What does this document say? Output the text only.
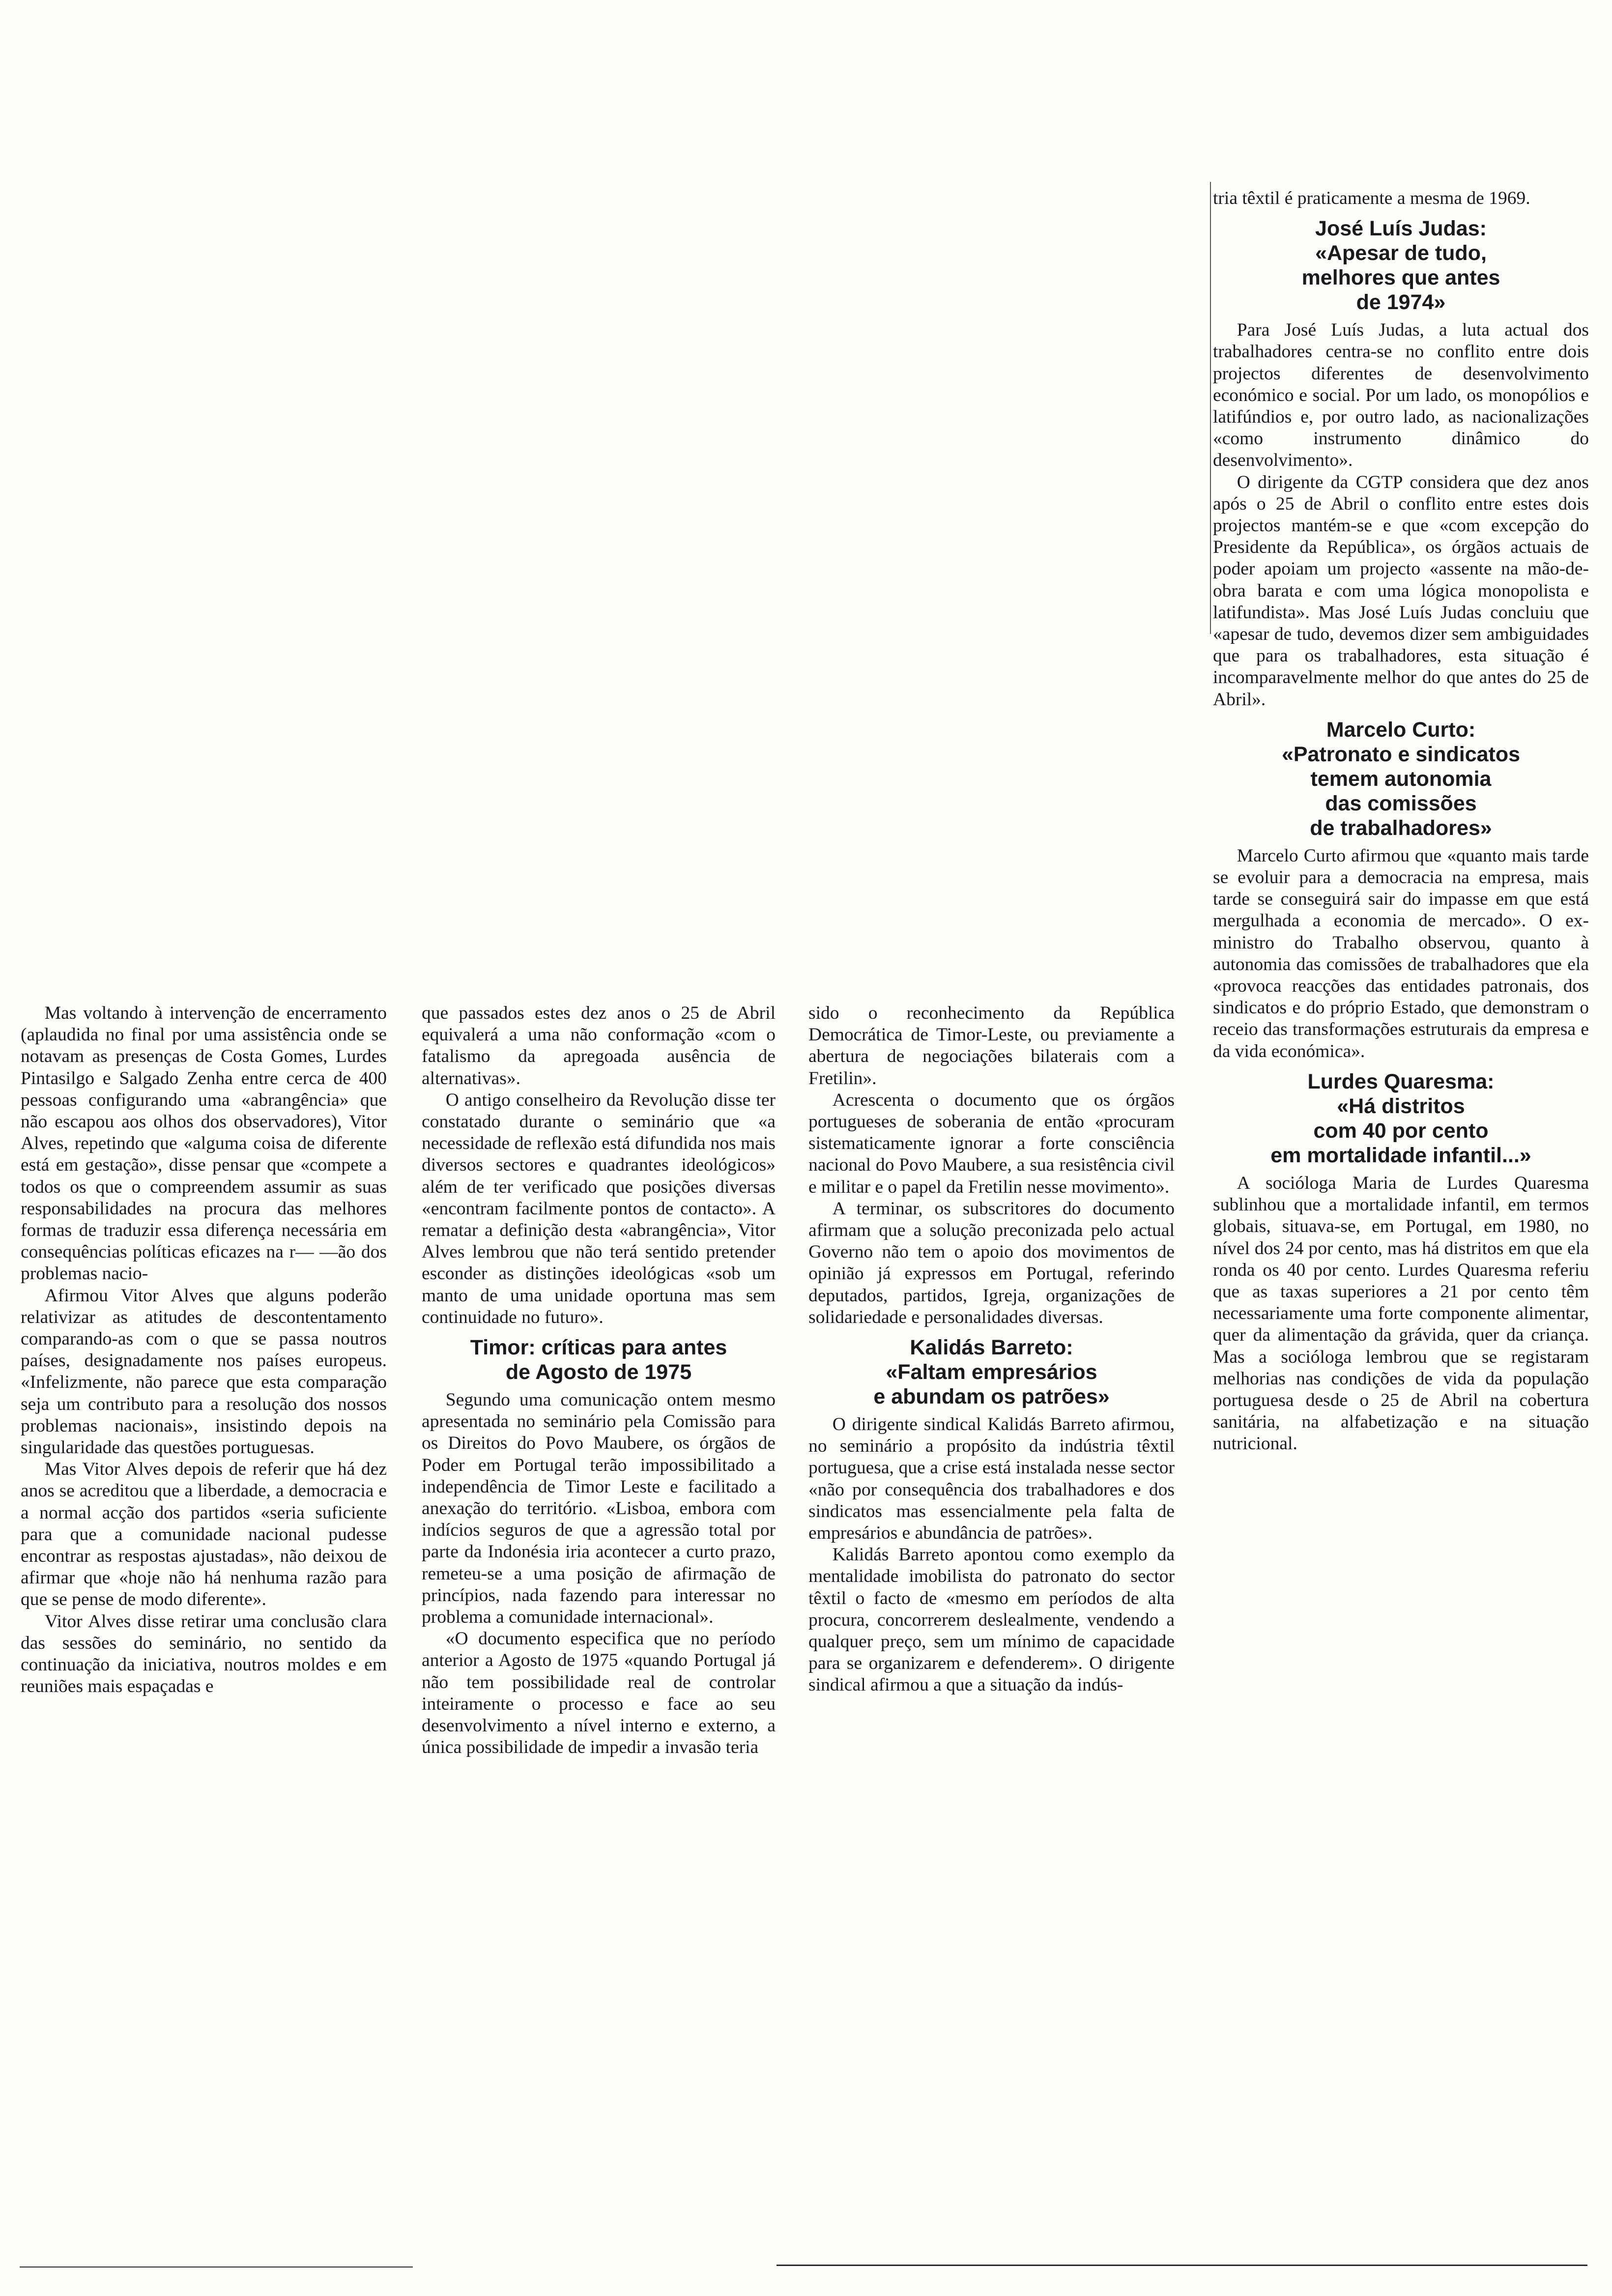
Mas voltando à intervenção de encerramento (aplaudida no final por uma assistência onde se notavam as presenças de Costa Gomes, Lurdes Pintasilgo e Salgado Zenha entre cerca de 400 pessoas configurando uma «abrangência» que não escapou aos olhos dos observadores), Vitor Alves, repetindo que «alguma coisa de diferente está em gestação», disse pensar que «compete a todos os que o compreendem assumir as suas responsabilidades na procura das melhores formas de traduzir essa diferença necessária em consequências políticas eficazes na r— —ão dos problemas nacio-

Afirmou Vitor Alves que alguns poderão relativizar as atitudes de descontentamento comparando-as com o que se passa noutros países, designadamente nos países europeus. «Infelizmente, não parece que esta comparação seja um contributo para a resolução dos nossos problemas nacionais», insistindo depois na singularidade das questões portuguesas.

Mas Vitor Alves depois de referir que há dez anos se acreditou que a liberdade, a democracia e a normal acção dos partidos «seria suficiente para que a comunidade nacional pudesse encontrar as respostas ajustadas», não deixou de afirmar que «hoje não há nenhuma razão para que se pense de modo diferente».

Vitor Alves disse retirar uma conclusão clara das sessões do seminário, no sentido da continuação da iniciativa, noutros moldes e em reuniões mais espaçadas e

que passados estes dez anos o 25 de Abril equivalerá a uma não conformação «com o fatalismo da apregoada ausência de alternativas».

O antigo conselheiro da Revolução disse ter constatado durante o seminário que «a necessidade de reflexão está difundida nos mais diversos sectores e quadrantes ideológicos» além de ter verificado que posições diversas «encontram facilmente pontos de contacto». A rematar a definição desta «abrangência», Vitor Alves lembrou que não terá sentido pretender esconder as distinções ideológicas «sob um manto de uma unidade oportuna mas sem continuidade no futuro».

Timor: críticas para antes
de Agosto de 1975

Segundo uma comunicação ontem mesmo apresentada no seminário pela Comissão para os Direitos do Povo Maubere, os órgãos de Poder em Portugal terão impossibilitado a independência de Timor Leste e facilitado a anexação do território. «Lisboa, embora com indícios seguros de que a agressão total por parte da Indonésia iria acontecer a curto prazo, remeteu-se a uma posição de afirmação de princípios, nada fazendo para interessar no problema a comunidade internacional».

«O documento especifica que no período anterior a Agosto de 1975 «quando Portugal já não tem possibilidade real de controlar inteiramente o processo e face ao seu desenvolvimento a nível interno e externo, a única possibilidade de impedir a invasão teria

sido o reconhecimento da República Democrática de Timor-Leste, ou previamente a abertura de negociações bilaterais com a Fretilin».

Acrescenta o documento que os órgãos portugueses de soberania de então «procuram sistematicamente ignorar a forte consciência nacional do Povo Maubere, a sua resistência civil e militar e o papel da Fretilin nesse movimento».

A terminar, os subscritores do documento afirmam que a solução preconizada pelo actual Governo não tem o apoio dos movimentos de opinião já expressos em Portugal, referindo deputados, partidos, Igreja, organizações de solidariedade e personalidades diversas.

Kalidás Barreto:
«Faltam empresários
e abundam os patrões»

O dirigente sindical Kalidás Barreto afirmou, no seminário a propósito da indústria têxtil portuguesa, que a crise está instalada nesse sector «não por consequência dos trabalhadores e dos sindicatos mas essencialmente pela falta de empresários e abundância de patrões».

Kalidás Barreto apontou como exemplo da mentalidade imobilista do patronato do sector têxtil o facto de «mesmo em períodos de alta procura, concorrerem deslealmente, vendendo a qualquer preço, sem um mínimo de capacidade para se organizarem e defenderem». O dirigente sindical afirmou a que a situação da indús-

tria têxtil é praticamente a mesma de 1969.

José Luís Judas:
«Apesar de tudo,
melhores que antes
de 1974»

Para José Luís Judas, a luta actual dos trabalhadores centra-se no conflito entre dois projectos diferentes de desenvolvimento económico e social. Por um lado, os monopólios e latifúndios e, por outro lado, as nacionalizações «como instrumento dinâmico do desenvolvimento».

O dirigente da CGTP considera que dez anos após o 25 de Abril o conflito entre estes dois projectos mantém-se e que «com excepção do Presidente da República», os órgãos actuais de poder apoiam um projecto «assente na mão-de-obra barata e com uma lógica monopolista e latifundista». Mas José Luís Judas concluiu que «apesar de tudo, devemos dizer sem ambiguidades que para os trabalhadores, esta situação é incomparavelmente melhor do que antes do 25 de Abril».

Marcelo Curto:
«Patronato e sindicatos
temem autonomia
das comissões
de trabalhadores»

Marcelo Curto afirmou que «quanto mais tarde se evoluir para a democracia na empresa, mais tarde se conseguirá sair do impasse em que está mergulhada a economia de mercado». O ex-ministro do Trabalho observou, quanto à autonomia das comissões de trabalhadores que ela «provoca reacções das entidades patronais, dos sindicatos e do próprio Estado, que demonstram o receio das transformações estruturais da empresa e da vida económica».

Lurdes Quaresma:
«Há distritos
com 40 por cento
em mortalidade infantil...»

A socióloga Maria de Lurdes Quaresma sublinhou que a mortalidade infantil, em termos globais, situava-se, em Portugal, em 1980, no nível dos 24 por cento, mas há distritos em que ela ronda os 40 por cento. Lurdes Quaresma referiu que as taxas superiores a 21 por cento têm necessariamente uma forte componente alimentar, quer da alimentação da grávida, quer da criança. Mas a socióloga lembrou que se registaram melhorias nas condições de vida da população portuguesa desde o 25 de Abril na cobertura sanitária, na alfabetização e na situação nutricional.
